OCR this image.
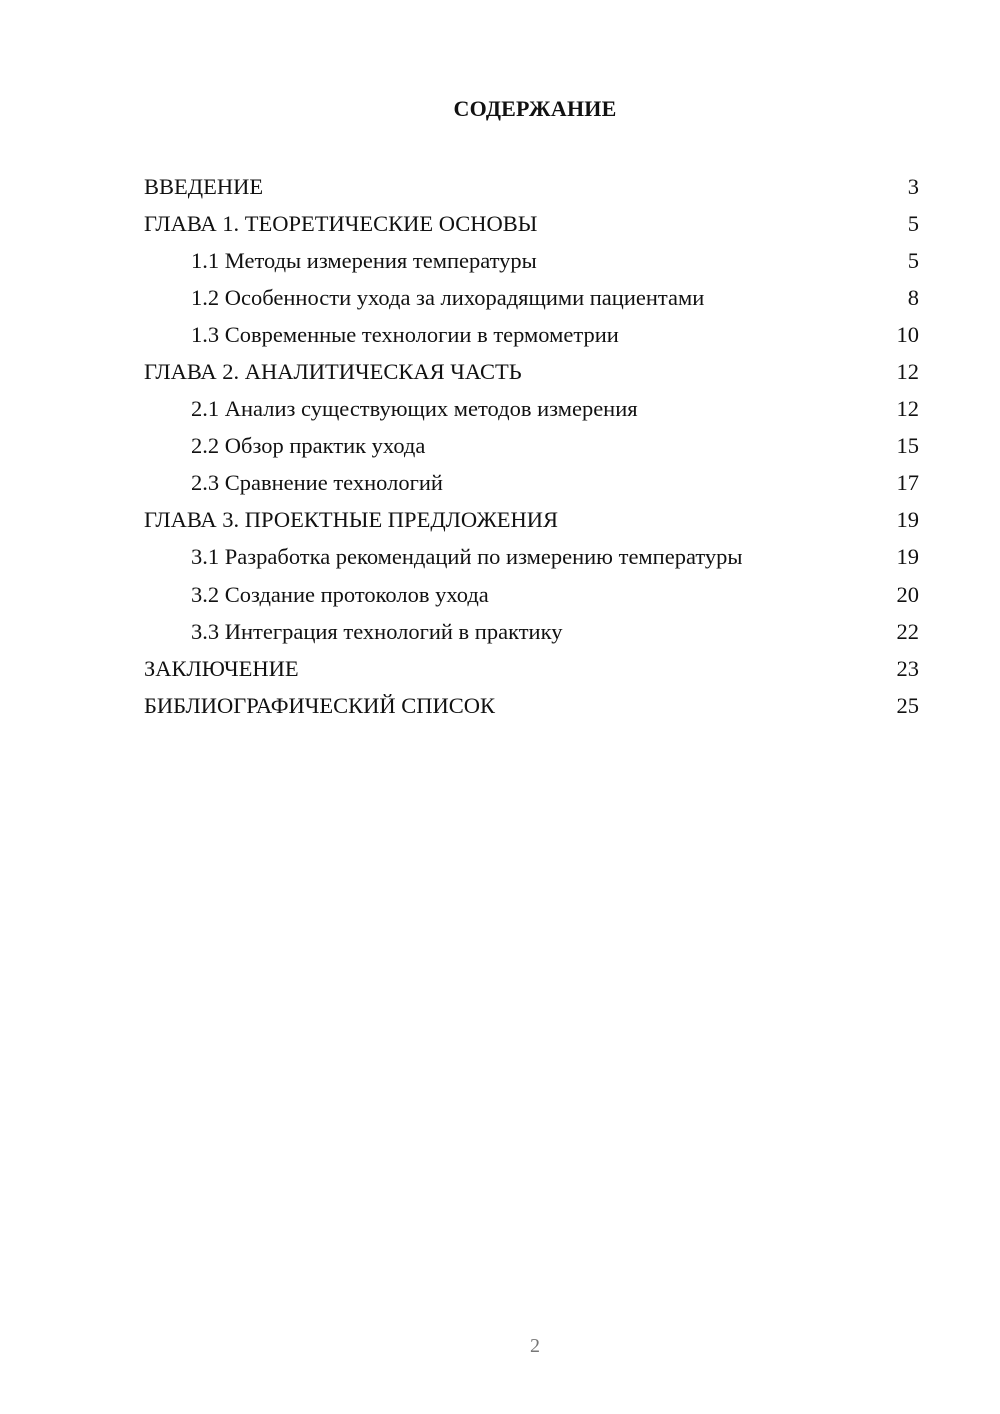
СОДЕРЖАНИЕ
ВВЕДЕНИЕ	3
ГЛАВА 1. ТЕОРЕТИЧЕСКИЕ ОСНОВЫ	5
1.1 Методы измерения температуры	5
1.2 Особенности ухода за лихорадящими пациентами	8
1.3 Современные технологии в термометрии	10
ГЛАВА 2. АНАЛИТИЧЕСКАЯ ЧАСТЬ	12
2.1 Анализ существующих методов измерения	12
2.2 Обзор практик ухода	15
2.3 Сравнение технологий	17
ГЛАВА 3. ПРОЕКТНЫЕ ПРЕДЛОЖЕНИЯ	19
3.1 Разработка рекомендаций по измерению температуры	19
3.2 Создание протоколов ухода	20
3.3 Интеграция технологий в практику	22
ЗАКЛЮЧЕНИЕ	23
БИБЛИОГРАФИЧЕСКИЙ СПИСОК	25
2
